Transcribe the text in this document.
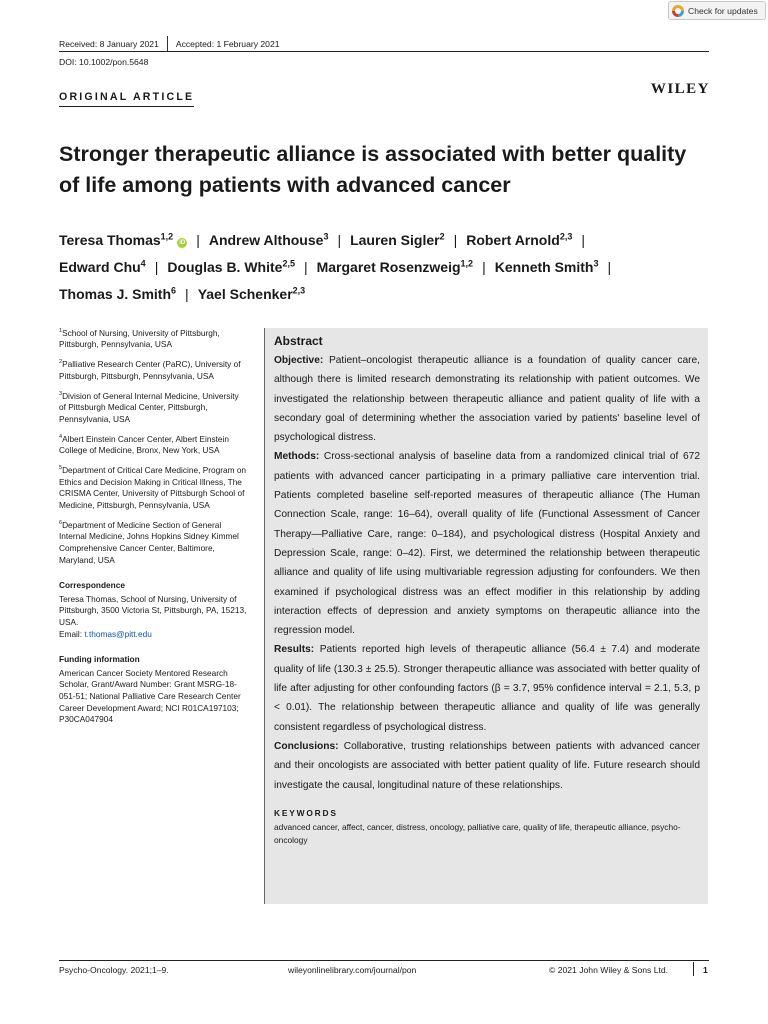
Check for updates
Received: 8 January 2021 Accepted: 1 February 2021
DOI: 10.1002/pon.5648
ORIGINAL ARTICLE	WILEY
Stronger therapeutic alliance is associated with better quality of life among patients with advanced cancer
Teresa Thomas$^{1,2}$iD | Andrew Althouse$^3$ | Lauren Sigler$^2$ | Robert Arnold$^{2,3}$ |
Edward Chu$^4$ | Douglas B. White$^{2,5}$ | Margaret Rosenzweig$^{1,2}$ | Kenneth Smith$^3$ |
Thomas J. Smith$^6$ | Yael Schenker$^{2,3}$

$^1$School of Nursing, University of Pittsburgh, Pittsburgh, Pennsylvania, USA

$^2$Palliative Research Center (PaRC), University of Pittsburgh, Pittsburgh, Pennsylvania, USA

$^3$Division of General Internal Medicine, University of Pittsburgh Medical Center, Pittsburgh, Pennsylvania, USA

$^4$Albert Einstein Cancer Center, Albert Einstein College of Medicine, Bronx, New York, USA

$^5$Department of Critical Care Medicine, Program on Ethics and Decision Making in Critical Illness, The CRISMA Center, University of Pittsburgh School of Medicine, Pittsburgh, Pennsylvania, USA

$^6$Department of Medicine Section of General Internal Medicine, Johns Hopkins Sidney Kimmel Comprehensive Cancer Center, Baltimore, Maryland, USA

Correspondence
Teresa Thomas, School of Nursing, University of Pittsburgh, 3500 Victoria St, Pittsburgh, PA, 15213, USA.
Email: t.thomas@pitt.edu
Funding information
American Cancer Society Mentored Research Scholar, Grant/Award Number: Grant MSRG-18-051-51; National Palliative Care Research Center Career Development Award; NCI R01CA197103; P30CA047904
Abstract

Objective: Patient–oncologist therapeutic alliance is a foundation of quality cancer care, although there is limited research demonstrating its relationship with patient outcomes. We investigated the relationship between therapeutic alliance and patient quality of life with a secondary goal of determining whether the association varied by patients' baseline level of psychological distress.

Methods: Cross-sectional analysis of baseline data from a randomized clinical trial of 672 patients with advanced cancer participating in a primary palliative care intervention trial. Patients completed baseline self-reported measures of therapeutic alliance (The Human Connection Scale, range: 16–64), overall quality of life (Functional Assessment of Cancer Therapy—Palliative Care, range: 0–184), and psychological distress (Hospital Anxiety and Depression Scale, range: 0–42). First, we determined the relationship between therapeutic alliance and quality of life using multivariable regression adjusting for confounders. We then examined if psychological distress was an effect modifier in this relationship by adding interaction effects of depression and anxiety symptoms on therapeutic alliance into the regression model.

Results: Patients reported high levels of therapeutic alliance (56.4 ± 7.4) and moderate quality of life (130.3 ± 25.5). Stronger therapeutic alliance was associated with better quality of life after adjusting for other confounding factors (β = 3.7, 95% confidence interval = 2.1, 5.3, p < 0.01). The relationship between therapeutic alliance and quality of life was generally consistent regardless of psychological distress.

Conclusions: Collaborative, trusting relationships between patients with advanced cancer and their oncologists are associated with better patient quality of life. Future research should investigate the causal, longitudinal nature of these relationships.

KEYWORDS
advanced cancer, affect, cancer, distress, oncology, palliative care, quality of life, therapeutic alliance, psycho-oncology
Psycho-Oncology. 2021;1–9.	wileyonlinelibrary.com/journal/pon	© 2021 John Wiley & Sons Ltd.	1
